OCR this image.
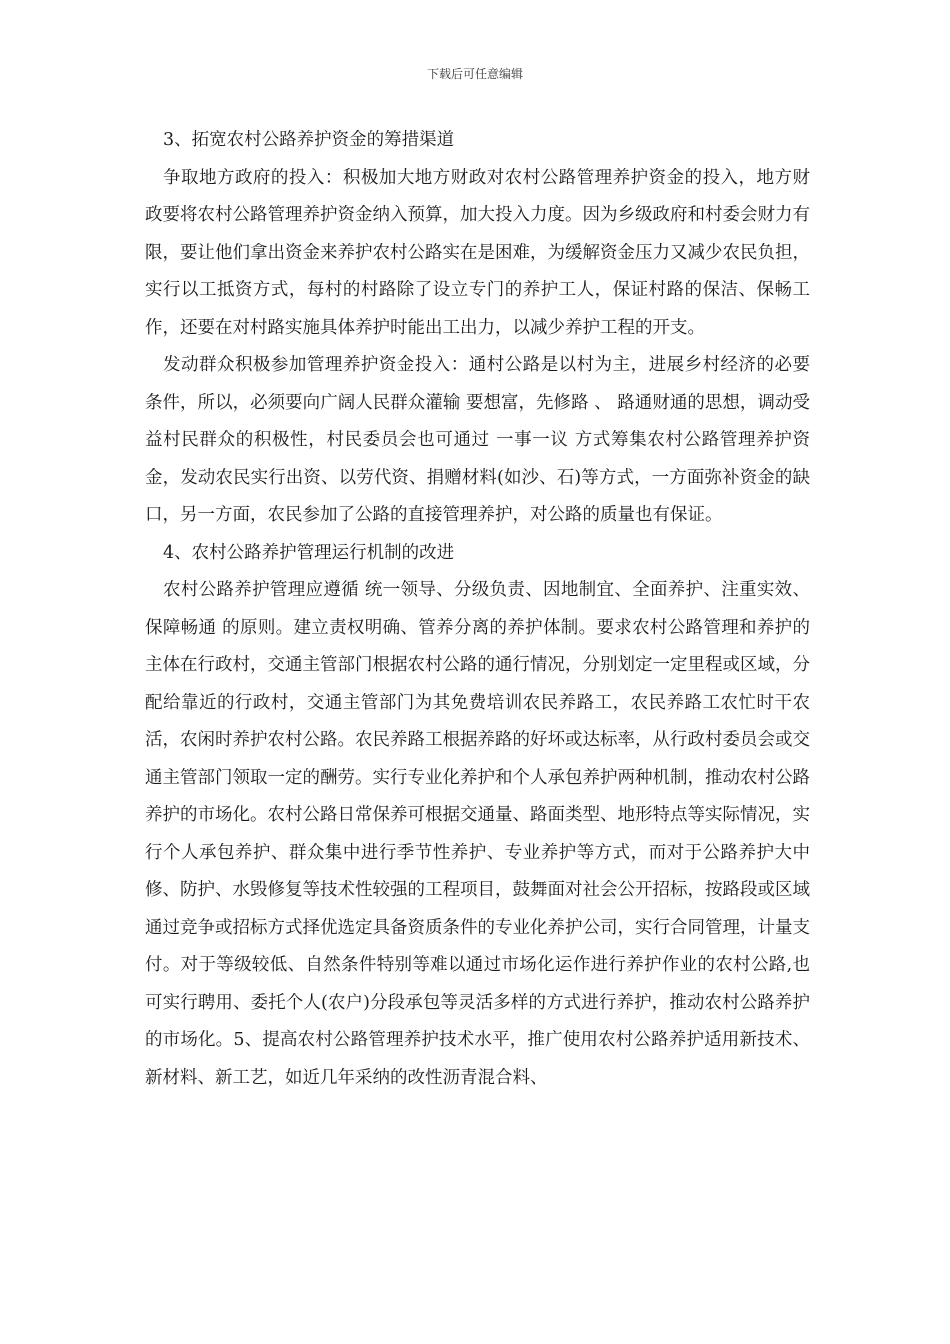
下载后可任意编辑

3、拓宽农村公路养护资金的筹措渠道

争取地方政府的投入：积极加大地方财政对农村公路管理养护资金的投入，地方财政要将农村公路管理养护资金纳入预算，加大投入力度。因为乡级政府和村委会财力有限，要让他们拿出资金来养护农村公路实在是困难，为缓解资金压力又减少农民负担，实行以工抵资方式，每村的村路除了设立专门的养护工人，保证村路的保洁、保畅工作，还要在对村路实施具体养护时能出工出力，以减少养护工程的开支。

发动群众积极参加管理养护资金投入：通村公路是以村为主，进展乡村经济的必要条件，所以，必须要向广阔人民群众灌输 要想富，先修路 、 路通财通的思想，调动受益村民群众的积极性，村民委员会也可通过 一事一议 方式筹集农村公路管理养护资金，发动农民实行出资、以劳代资、捐赠材料(如沙、石)等方式，一方面弥补资金的缺口，另一方面，农民参加了公路的直接管理养护，对公路的质量也有保证。

4、农村公路养护管理运行机制的改进

农村公路养护管理应遵循 统一领导、分级负责、因地制宜、全面养护、注重实效、保障畅通 的原则。建立责权明确、管养分离的养护体制。要求农村公路管理和养护的主体在行政村，交通主管部门根据农村公路的通行情况，分别划定一定里程或区域，分配给靠近的行政村，交通主管部门为其免费培训农民养路工，农民养路工农忙时干农活，农闲时养护农村公路。农民养路工根据养路的好坏或达标率，从行政村委员会或交通主管部门领取一定的酬劳。实行专业化养护和个人承包养护两种机制，推动农村公路养护的市场化。农村公路日常保养可根据交通量、路面类型、地形特点等实际情况，实行个人承包养护、群众集中进行季节性养护、专业养护等方式，而对于公路养护大中修、防护、水毁修复等技术性较强的工程项目，鼓舞面对社会公开招标，按路段或区域通过竞争或招标方式择优选定具备资质条件的专业化养护公司，实行合同管理，计量支付。对于等级较低、自然条件特别等难以通过市场化运作进行养护作业的农村公路,也可实行聘用、委托个人(农户)分段承包等灵活多样的方式进行养护，推动农村公路养护的市场化。5、提高农村公路管理养护技术水平，推广使用农村公路养护适用新技术、新材料、新工艺，如近几年采纳的改性沥青混合料、
